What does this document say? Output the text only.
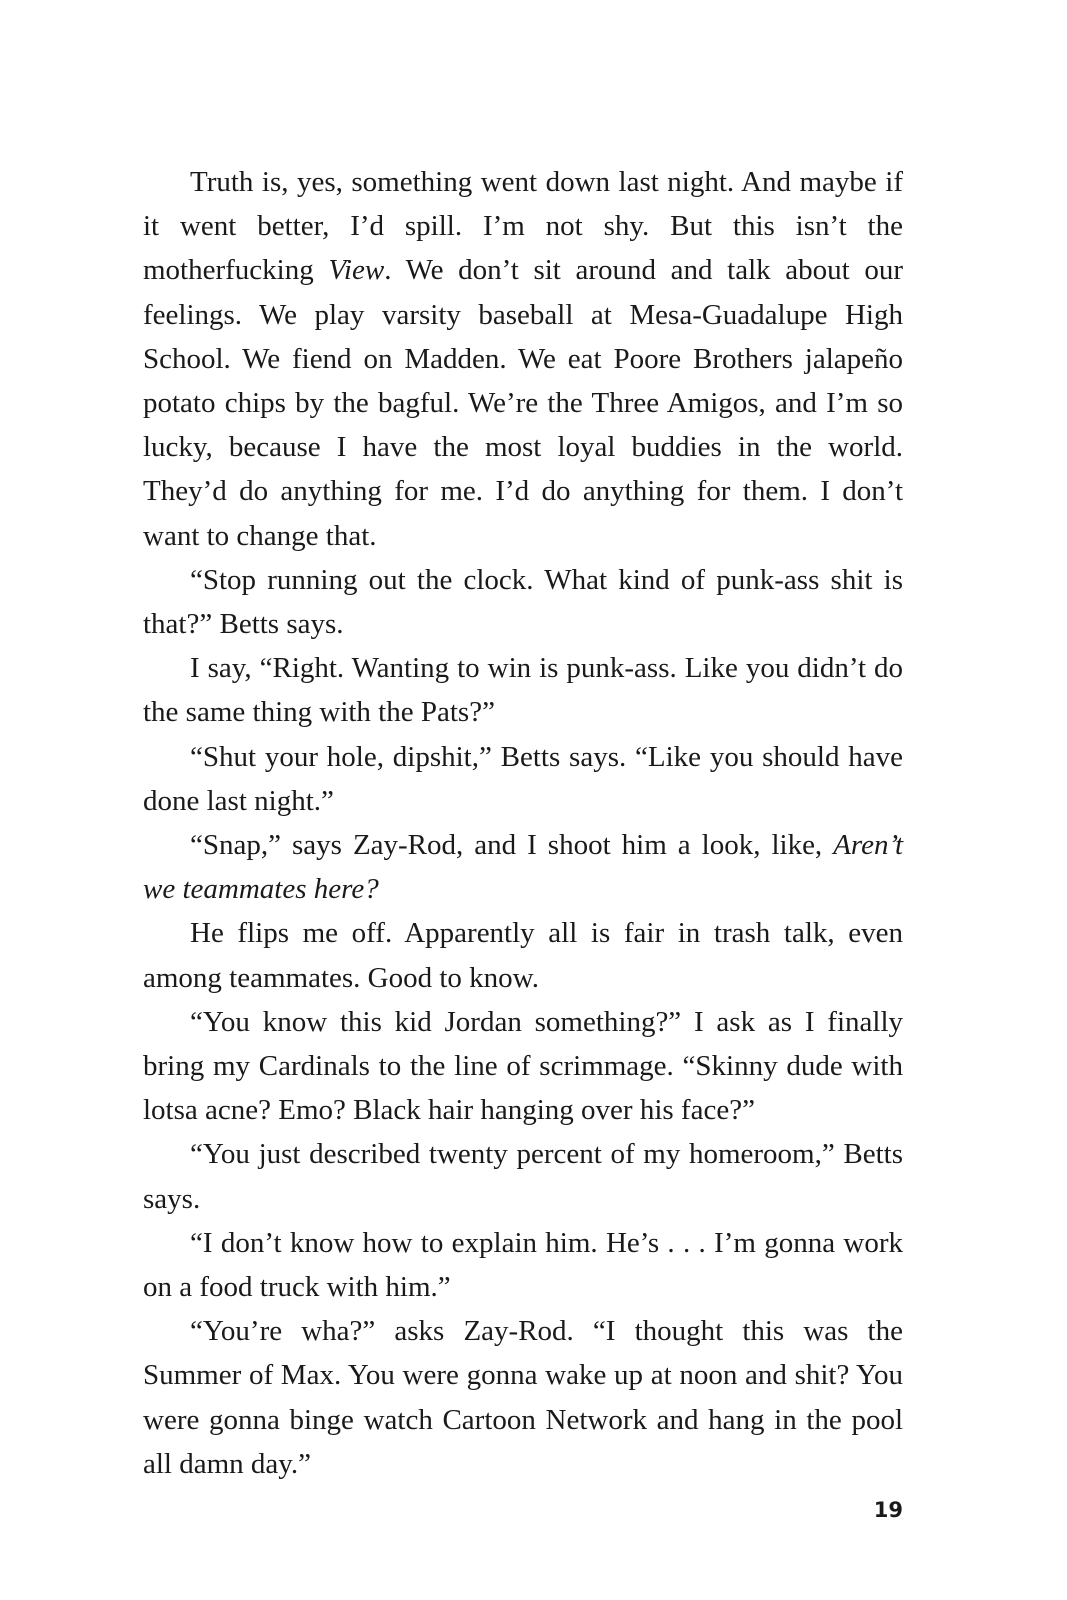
Truth is, yes, something went down last night. And maybe if it went better, I’d spill. I’m not shy. But this isn’t the motherfucking View. We don’t sit around and talk about our feelings. We play varsity baseball at Mesa-Guadalupe High School. We fiend on Madden. We eat Poore Brothers jalapeño potato chips by the bagful. We’re the Three Amigos, and I’m so lucky, because I have the most loyal buddies in the world. They’d do anything for me. I’d do anything for them. I don’t want to change that.

“Stop running out the clock. What kind of punk-ass shit is that?” Betts says.

I say, “Right. Wanting to win is punk-ass. Like you didn’t do the same thing with the Pats?”

“Shut your hole, dipshit,” Betts says. “Like you should have done last night.”

“Snap,” says Zay-Rod, and I shoot him a look, like, Aren’t we teammates here?

He flips me off. Apparently all is fair in trash talk, even among teammates. Good to know.

“You know this kid Jordan something?” I ask as I finally bring my Cardinals to the line of scrimmage. “Skinny dude with lotsa acne? Emo? Black hair hanging over his face?”

“You just described twenty percent of my homeroom,” Betts says.

“I don’t know how to explain him. He’s . . . I’m gonna work on a food truck with him.”

“You’re wha?” asks Zay-Rod. “I thought this was the Summer of Max. You were gonna wake up at noon and shit? You were gonna binge watch Cartoon Network and hang in the pool all damn day.”

19
